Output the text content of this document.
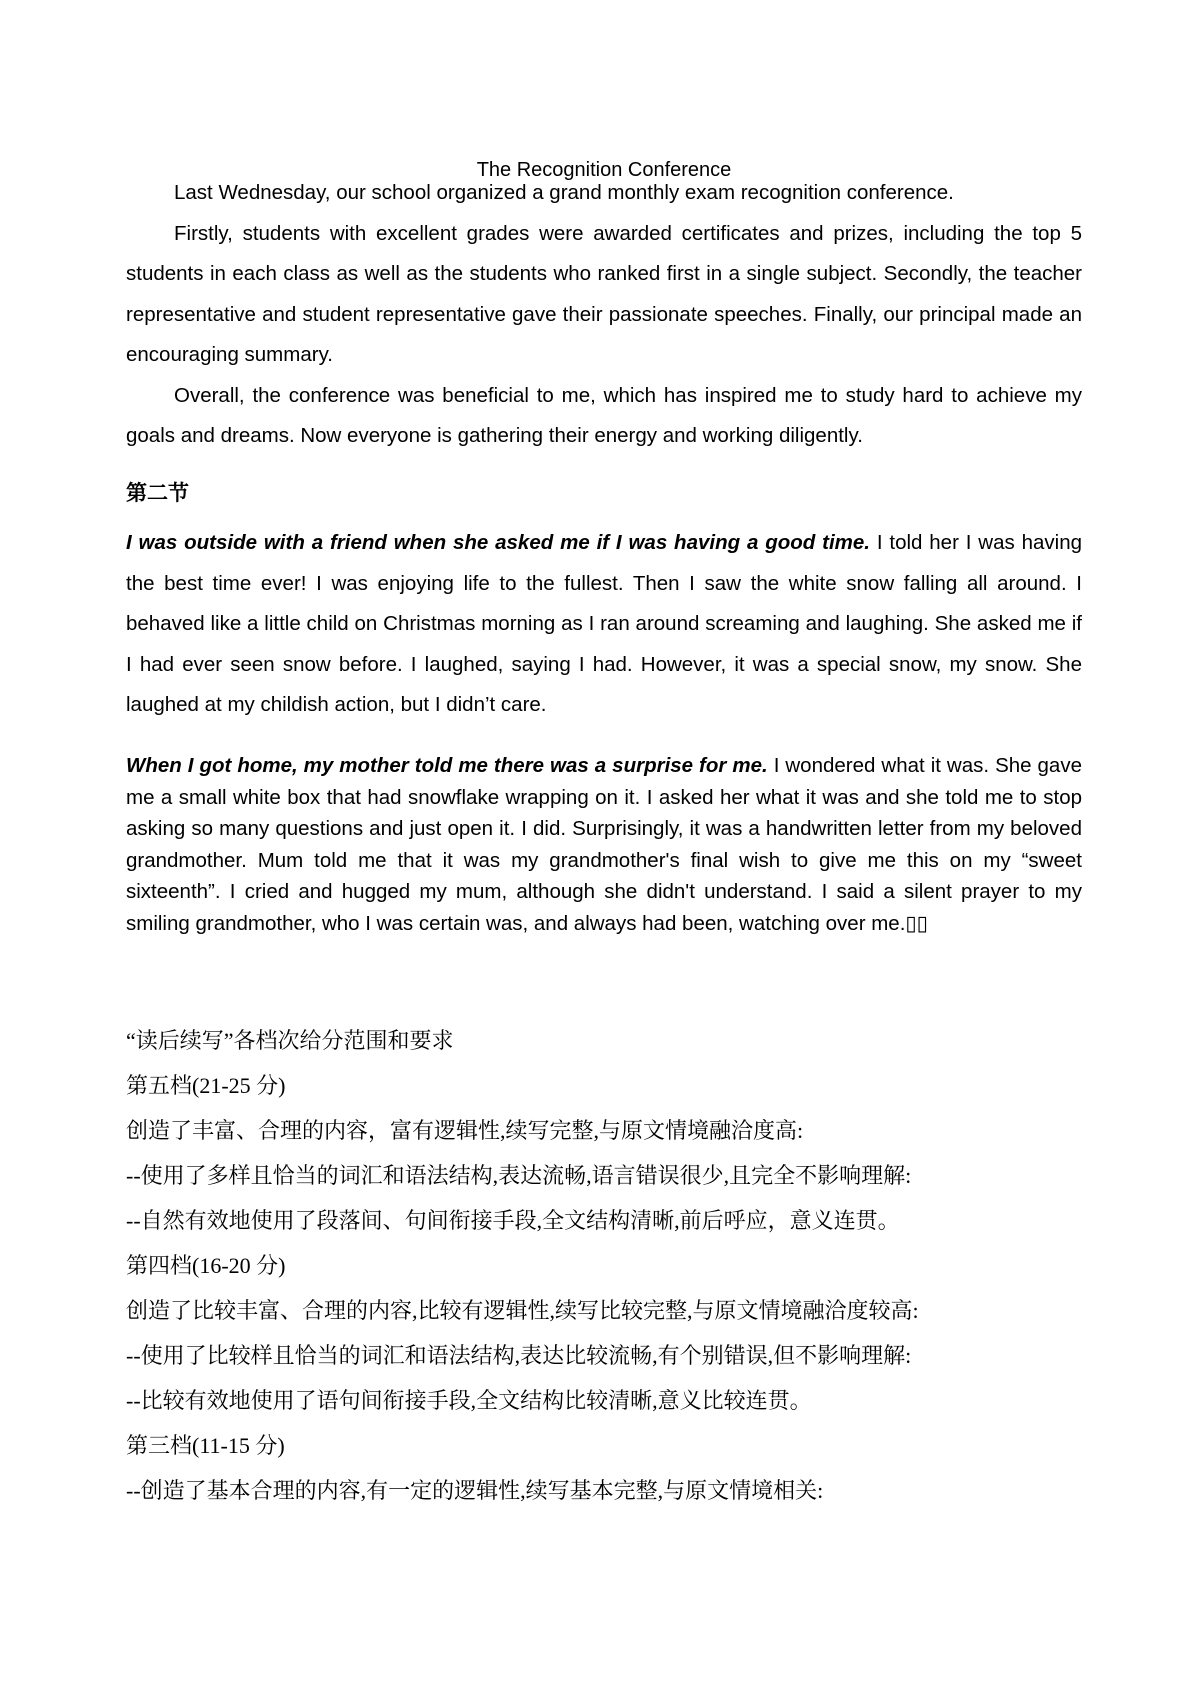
The Recognition Conference

Last Wednesday, our school organized a grand monthly exam recognition conference.

Firstly, students with excellent grades were awarded certificates and prizes, including the top 5 students in each class as well as the students who ranked first in a single subject. Secondly, the teacher representative and student representative gave their passionate speeches. Finally, our principal made an encouraging summary.

Overall, the conference was beneficial to me, which has inspired me to study hard to achieve my goals and dreams. Now everyone is gathering their energy and working diligently.

第二节

I was outside with a friend when she asked me if I was having a good time. I told her I was having the best time ever! I was enjoying life to the fullest. Then I saw the white snow falling all around. I behaved like a little child on Christmas morning as I ran around screaming and laughing. She asked me if I had ever seen snow before. I laughed, saying I had. However, it was a special snow, my snow. She laughed at my childish action, but I didn’t care.

When I got home, my mother told me there was a surprise for me. I wondered what it was. She gave me a small white box that had snowflake wrapping on it. I asked her what it was and she told me to stop asking so many questions and just open it. I did. Surprisingly, it was a handwritten letter from my beloved grandmother. Mum told me that it was my grandmother's final wish to give me this on my “sweet sixteenth”. I cried and hugged my mum, although she didn't understand. I said a silent prayer to my smiling grandmother, who I was certain was, and always had been, watching over me.▯▯

“读后续写”各档次给分范围和要求

第五档(21-25 分)

创造了丰富、合理的内容，富有逻辑性,续写完整,与原文情境融洽度高:

--使用了多样且恰当的词汇和语法结构,表达流畅,语言错误很少,且完全不影响理解:

--自然有效地使用了段落间、句间衔接手段,全文结构清晰,前后呼应，意义连贯。

第四档(16-20 分)

创造了比较丰富、合理的内容,比较有逻辑性,续写比较完整,与原文情境融洽度较高:

--使用了比较样且恰当的词汇和语法结构,表达比较流畅,有个别错误,但不影响理解:

--比较有效地使用了语句间衔接手段,全文结构比较清晰,意义比较连贯。

第三档(11-15 分)

--创造了基本合理的内容,有一定的逻辑性,续写基本完整,与原文情境相关:
